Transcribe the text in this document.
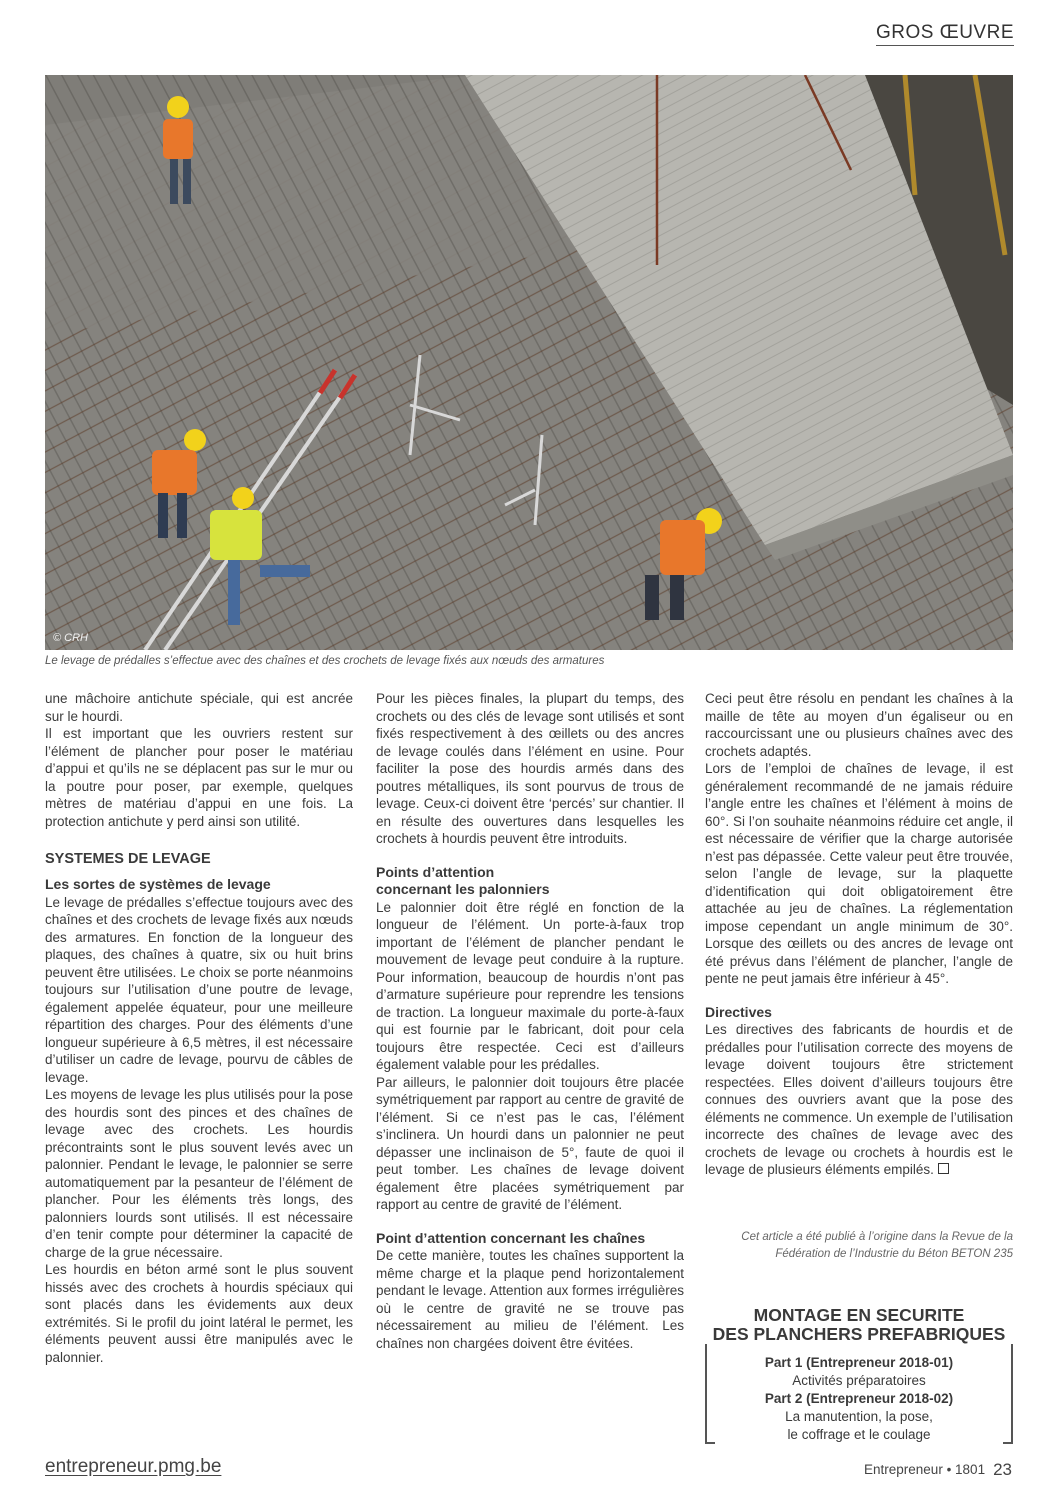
GROS ŒUVRE
© CRH
Le levage de prédalles s’effectue avec des chaînes et des crochets de levage fixés aux nœuds des armatures

une mâchoire antichute spéciale, qui est ancrée sur le hourdi.

Il est important que les ouvriers restent sur l’élément de plancher pour poser le matériau d’appui et qu’ils ne se déplacent pas sur le mur ou la poutre pour poser, par exemple, quelques mètres de matériau d’appui en une fois. La protection antichute y perd ainsi son utilité.

SYSTEMES DE LEVAGE
Les sortes de systèmes de levage

Le levage de prédalles s’effectue toujours avec des chaînes et des crochets de levage fixés aux nœuds des armatures. En fonction de la longueur des plaques, des chaînes à quatre, six ou huit brins peuvent être utilisées. Le choix se porte néanmoins toujours sur l’utilisation d’une poutre de levage, également appelée équateur, pour une meilleure répartition des charges. Pour des éléments d’une longueur supérieure à 6,5 mètres, il est nécessaire d’utiliser un cadre de levage, pourvu de câbles de levage.

Les moyens de levage les plus utilisés pour la pose des hourdis sont des pinces et des chaînes de levage avec des crochets. Les hourdis précontraints sont le plus souvent levés avec un palonnier. Pendant le levage, le palonnier se serre automatiquement par la pesanteur de l’élément de plancher. Pour les éléments très longs, des palonniers lourds sont utilisés. Il est nécessaire d’en tenir compte pour déterminer la capacité de charge de la grue nécessaire.

Les hourdis en béton armé sont le plus souvent hissés avec des crochets à hourdis spéciaux qui sont placés dans les évidements aux deux extrémités. Si le profil du joint latéral le permet, les éléments peuvent aussi être manipulés avec le palonnier.

Pour les pièces finales, la plupart du temps, des crochets ou des clés de levage sont utilisés et sont fixés respectivement à des œillets ou des ancres de levage coulés dans l’élément en usine. Pour faciliter la pose des hourdis armés dans des poutres métalliques, ils sont pourvus de trous de levage. Ceux-ci doivent être ‘percés’ sur chantier. Il en résulte des ouvertures dans lesquelles les crochets à hourdis peuvent être introduits.

Points d’attention
concernant les palonniers

Le palonnier doit être réglé en fonction de la longueur de l’élément. Un porte-à-faux trop important de l’élément de plancher pendant le mouvement de levage peut conduire à la rupture. Pour information, beaucoup de hourdis n’ont pas d’armature supérieure pour reprendre les tensions de traction. La longueur maximale du porte-à-faux qui est fournie par le fabricant, doit pour cela toujours être respectée. Ceci est d’ailleurs également valable pour les prédalles.

Par ailleurs, le palonnier doit toujours être placée symétriquement par rapport au centre de gravité de l’élément. Si ce n’est pas le cas, l’élément s’inclinera. Un hourdi dans un palonnier ne peut dépasser une inclinaison de 5°, faute de quoi il peut tomber. Les chaînes de levage doivent également être placées symétriquement par rapport au centre de gravité de l’élément.

Point d’attention concernant les chaînes

De cette manière, toutes les chaînes supportent la même charge et la plaque pend horizontalement pendant le levage. Attention aux formes irrégulières où le centre de gravité ne se trouve pas nécessairement au milieu de l’élément. Les chaînes non chargées doivent être évitées.

Ceci peut être résolu en pendant les chaînes à la maille de tête au moyen d’un égaliseur ou en raccourcissant une ou plusieurs chaînes avec des crochets adaptés.

Lors de l’emploi de chaînes de levage, il est généralement recommandé de ne jamais réduire l’angle entre les chaînes et l’élément à moins de 60°. Si l’on souhaite néanmoins réduire cet angle, il est nécessaire de vérifier que la charge autorisée n’est pas dépassée. Cette valeur peut être trouvée, selon l’angle de levage, sur la plaquette d’identification qui doit obligatoirement être attachée au jeu de chaînes. La réglementation impose cependant un angle minimum de 30°. Lorsque des œillets ou des ancres de levage ont été prévus dans l’élément de plancher, l’angle de pente ne peut jamais être inférieur à 45°.

Directives

Les directives des fabricants de hourdis et de prédalles pour l’utilisation correcte des moyens de levage doivent toujours être strictement respectées. Elles doivent d’ailleurs toujours être connues des ouvriers avant que la pose des éléments ne commence. Un exemple de l’utilisation incorrecte des chaînes de levage avec des crochets de levage ou crochets à hourdis est le levage de plusieurs éléments empilés.

Cet article a été publié à l’origine dans la Revue de la
Fédération de l’Industrie du Béton BETON 235
MONTAGE EN SECURITE
DES PLANCHERS PREFABRIQUES
Part 1 (Entrepreneur 2018-01)
Activités préparatoires
Part 2 (Entrepreneur 2018-02)
La manutention, la pose,
le coffrage et le coulage
entrepreneur.pmg.be	Entrepreneur • 1801 23
